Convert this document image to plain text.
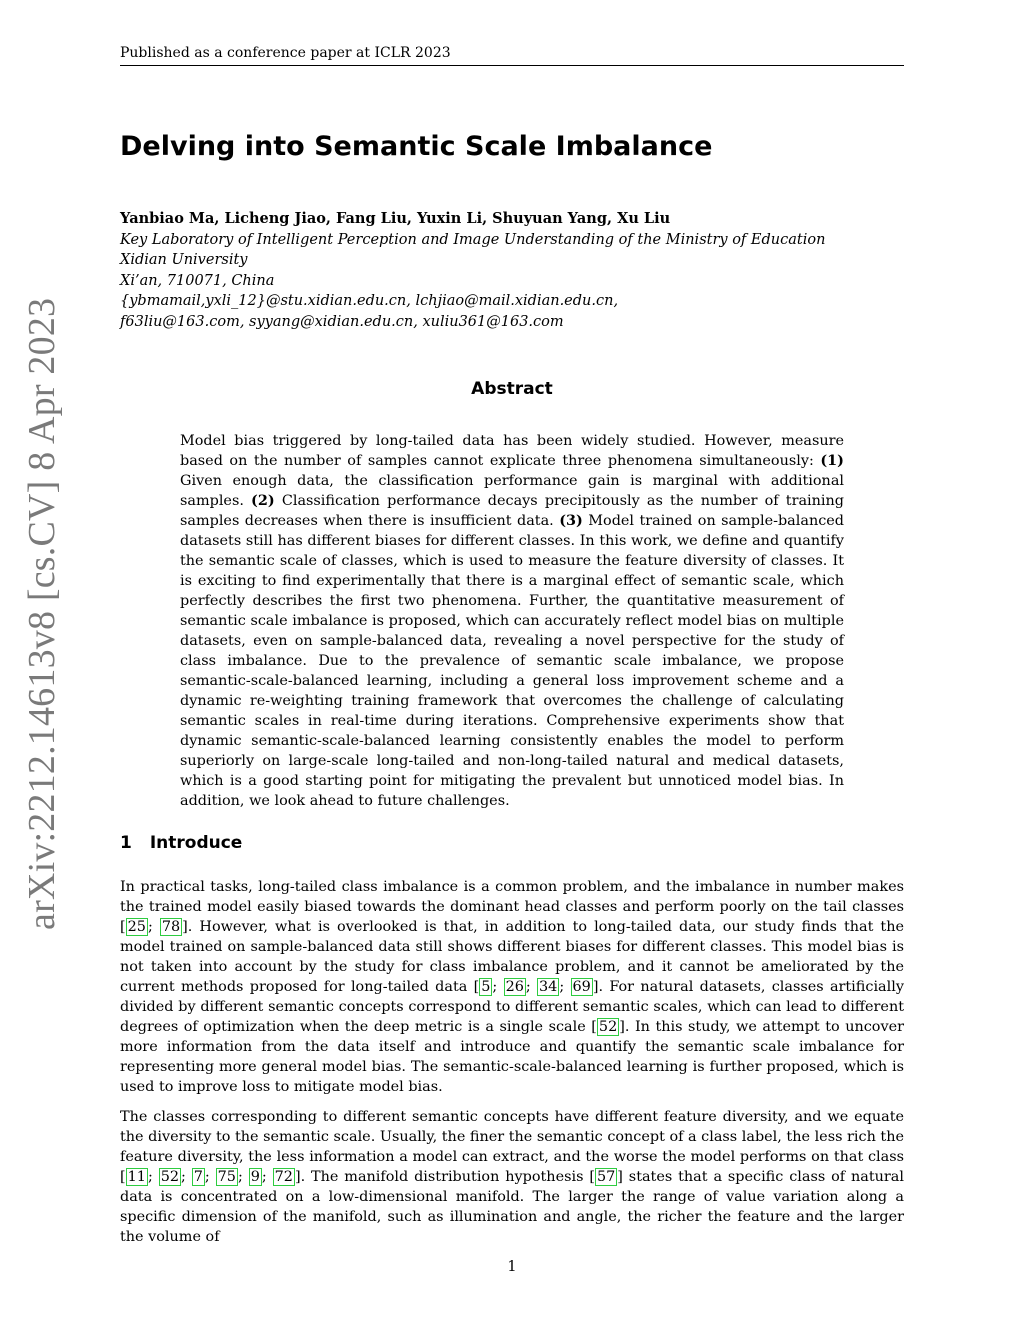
Published as a conference paper at ICLR 2023
arXiv:2212.14613v8 [cs.CV] 8 Apr 2023
Delving into Semantic Scale Imbalance
Yanbiao Ma, Licheng Jiao, Fang Liu, Yuxin Li, Shuyuan Yang, Xu Liu
Key Laboratory of Intelligent Perception and Image Understanding of the Ministry of Education
Xidian University
Xi’an, 710071, China
{ybmamail,yxli_12}@stu.xidian.edu.cn, lchjiao@mail.xidian.edu.cn,
f63liu@163.com, syyang@xidian.edu.cn, xuliu361@163.com
Abstract

Model bias triggered by long-tailed data has been widely studied. However, measure based on the number of samples cannot explicate three phenomena simultaneously: (1) Given enough data, the classification performance gain is marginal with additional samples. (2) Classification performance decays precipitously as the number of training samples decreases when there is insufficient data. (3) Model trained on sample-balanced datasets still has different biases for different classes. In this work, we define and quantify the semantic scale of classes, which is used to measure the feature diversity of classes. It is exciting to find experimentally that there is a marginal effect of semantic scale, which perfectly describes the first two phenomena. Further, the quantitative measurement of semantic scale imbalance is proposed, which can accurately reflect model bias on multiple datasets, even on sample-balanced data, revealing a novel perspective for the study of class imbalance. Due to the prevalence of semantic scale imbalance, we propose semantic-scale-balanced learning, including a general loss improvement scheme and a dynamic re-weighting training framework that overcomes the challenge of calculating semantic scales in real-time during iterations. Comprehensive experiments show that dynamic semantic-scale-balanced learning consistently enables the model to perform superiorly on large-scale long-tailed and non-long-tailed natural and medical datasets, which is a good starting point for mitigating the prevalent but unnoticed model bias. In addition, we look ahead to future challenges.

1 Introduce

In practical tasks, long-tailed class imbalance is a common problem, and the imbalance in number makes the trained model easily biased towards the dominant head classes and perform poorly on the tail classes [ 25 ; 78 ]. However, what is overlooked is that, in addition to long-tailed data, our study finds that the model trained on sample-balanced data still shows different biases for different classes. This model bias is not taken into account by the study for class imbalance problem, and it cannot be ameliorated by the current methods proposed for long-tailed data [ 5 ; 26 ; 34 ; 69 ]. For natural datasets, classes artificially divided by different semantic concepts correspond to different semantic scales, which can lead to different degrees of optimization when the deep metric is a single scale [ 52 ]. In this study, we attempt to uncover more information from the data itself and introduce and quantify the semantic scale imbalance for representing more general model bias. The semantic-scale-balanced learning is further proposed, which is used to improve loss to mitigate model bias.

The classes corresponding to different semantic concepts have different feature diversity, and we equate the diversity to the semantic scale. Usually, the finer the semantic concept of a class label, the less rich the feature diversity, the less information a model can extract, and the worse the model performs on that class [ 11 ; 52 ; 7 ; 75 ; 9 ; 72 ]. The manifold distribution hypothesis [ 57 ] states that a specific class of natural data is concentrated on a low-dimensional manifold. The larger the range of value variation along a specific dimension of the manifold, such as illumination and angle, the richer the feature and the larger the volume of

1
